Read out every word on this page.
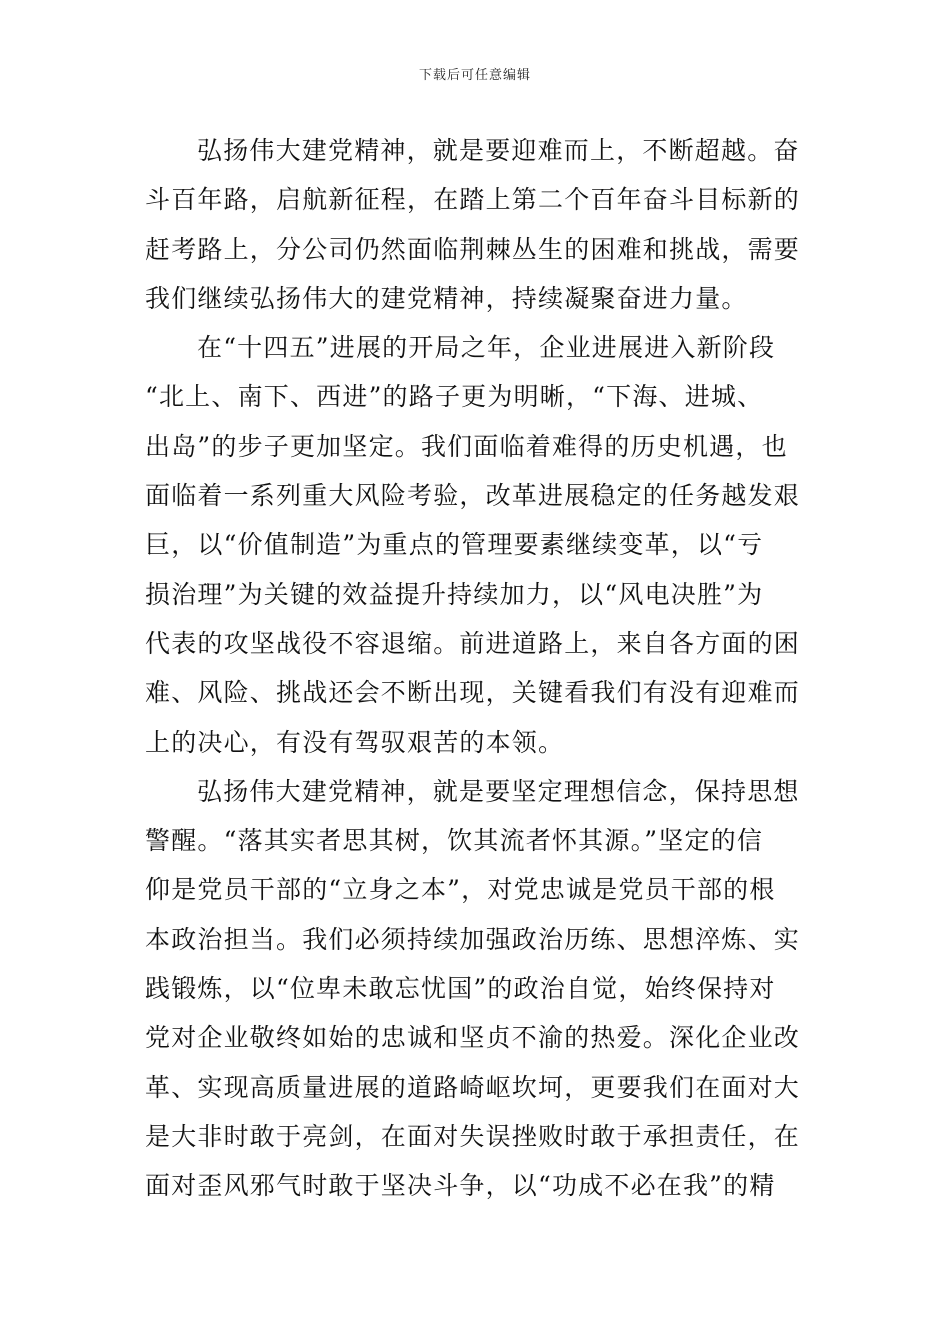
下载后可任意编辑
弘扬伟大建党精神，就是要迎难而上，不断超越。奋
斗百年路，启航新征程，在踏上第二个百年奋斗目标新的
赶考路上，分公司仍然面临荆棘丛生的困难和挑战，需要
我们继续弘扬伟大的建党精神，持续凝聚奋进力量。
在“十四五”进展的开局之年，企业进展进入新阶段
“北上、南下、西进”的路子更为明晰，“下海、进城、
出岛”的步子更加坚定。我们面临着难得的历史机遇，也
面临着一系列重大风险考验，改革进展稳定的任务越发艰
巨，以“价值制造”为重点的管理要素继续变革，以“亏
损治理”为关键的效益提升持续加力，以“风电决胜”为
代表的攻坚战役不容退缩。前进道路上，来自各方面的困
难、风险、挑战还会不断出现，关键看我们有没有迎难而
上的决心，有没有驾驭艰苦的本领。
弘扬伟大建党精神，就是要坚定理想信念，保持思想
警醒。“落其实者思其树，饮其流者怀其源。”坚定的信
仰是党员干部的“立身之本”，对党忠诚是党员干部的根
本政治担当。我们必须持续加强政治历练、思想淬炼、实
践锻炼，以“位卑未敢忘忧国”的政治自觉，始终保持对
党对企业敬终如始的忠诚和坚贞不渝的热爱。深化企业改
革、实现高质量进展的道路崎岖坎坷，更要我们在面对大
是大非时敢于亮剑，在面对失误挫败时敢于承担责任，在
面对歪风邪气时敢于坚决斗争，以“功成不必在我”的精
